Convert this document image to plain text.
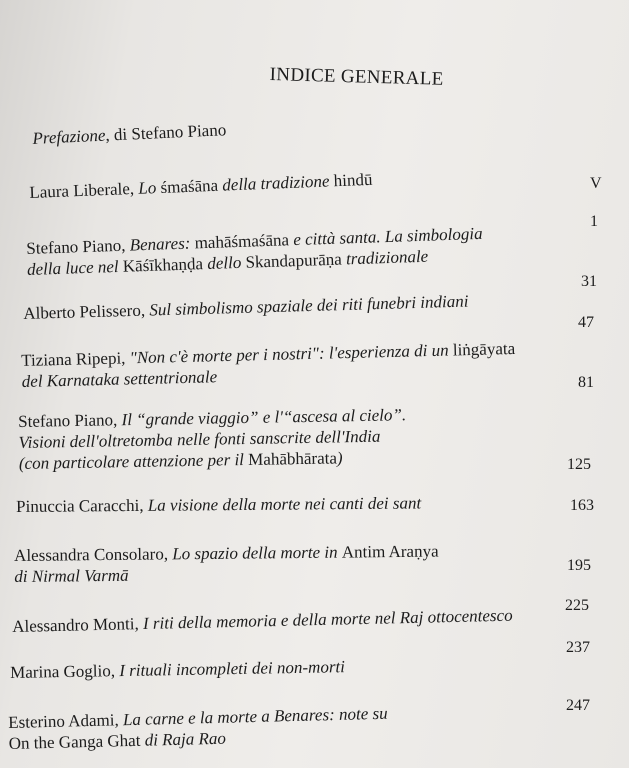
INDICE GENERALE
Prefazione, di Stefano Piano
Laura Liberale, Lo śmaśāna della tradizione hindū	V
Stefano Piano, Benares: mahāśmaśāna e città santa. La simbologia
della luce nel Kāśīkhaṇḍa dello Skandapurāṇa tradizionale
1
Alberto Pelissero, Sul simbolismo spaziale dei riti funebri indiani
31
Tiziana Ripepi, "Non c'è morte per i nostri": l'esperienza di un liṅgāyata
del Karnataka settentrionale
47
Stefano Piano, Il “grande viaggio” e l'“ascesa al cielo”.
Visioni dell'oltretomba nelle fonti sanscrite dell'India
(con particolare attenzione per il Mahābhārata)
81
Pinuccia Caracchi, La visione della morte nei canti dei sant
125
Alessandra Consolaro, Lo spazio della morte in Antim Araṇya
di Nirmal Varmā
163
Alessandro Monti, I riti della memoria e della morte nel Raj ottocentesco
195
Marina Goglio, I rituali incompleti dei non-morti
225
Esterino Adami, La carne e la morte a Benares: note su
On the Ganga Ghat di Raja Rao
237
247
